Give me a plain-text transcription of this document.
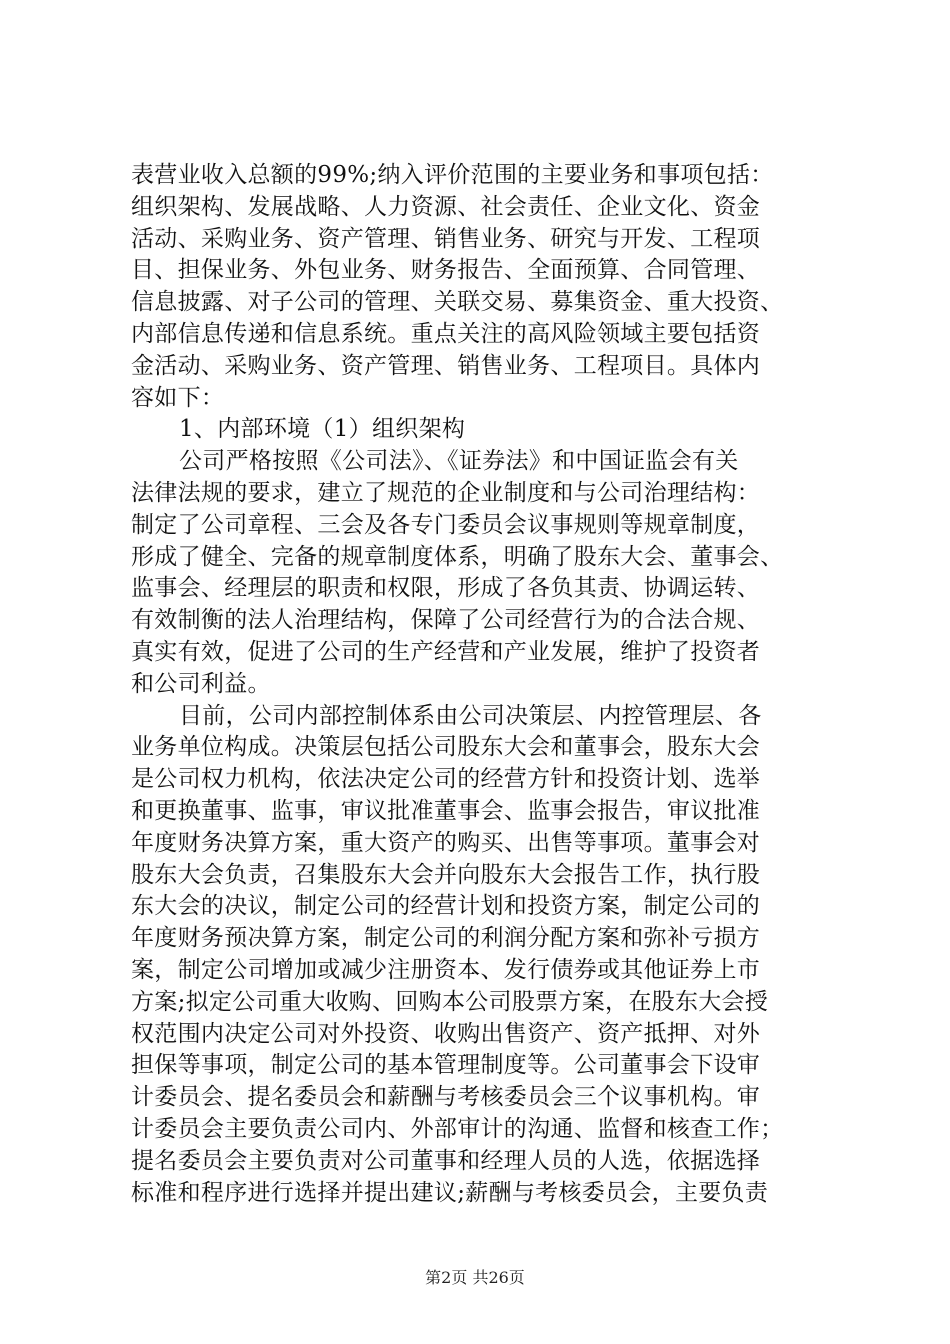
表营业收入总额的99%;纳入评价范围的主要业务和事项包括：
组织架构、发展战略、人力资源、社会责任、企业文化、资金
活动、采购业务、资产管理、销售业务、研究与开发、工程项
目、担保业务、外包业务、财务报告、全面预算、合同管理、
信息披露、对子公司的管理、关联交易、募集资金、重大投资、
内部信息传递和信息系统。重点关注的高风险领域主要包括资
金活动、采购业务、资产管理、销售业务、工程项目。具体内
容如下：
1、内部环境（1）组织架构
公司严格按照《公司法》、《证券法》和中国证监会有关
法律法规的要求，建立了规范的企业制度和与公司治理结构：
制定了公司章程、三会及各专门委员会议事规则等规章制度，
形成了健全、完备的规章制度体系，明确了股东大会、董事会、
监事会、经理层的职责和权限，形成了各负其责、协调运转、
有效制衡的法人治理结构，保障了公司经营行为的合法合规、
真实有效，促进了公司的生产经营和产业发展，维护了投资者
和公司利益。
目前，公司内部控制体系由公司决策层、内控管理层、各
业务单位构成。决策层包括公司股东大会和董事会，股东大会
是公司权力机构，依法决定公司的经营方针和投资计划、选举
和更换董事、监事，审议批准董事会、监事会报告，审议批准
年度财务决算方案，重大资产的购买、出售等事项。董事会对
股东大会负责，召集股东大会并向股东大会报告工作，执行股
东大会的决议，制定公司的经营计划和投资方案，制定公司的
年度财务预决算方案，制定公司的利润分配方案和弥补亏损方
案，制定公司增加或减少注册资本、发行债券或其他证券上市
方案;拟定公司重大收购、回购本公司股票方案，在股东大会授
权范围内决定公司对外投资、收购出售资产、资产抵押、对外
担保等事项，制定公司的基本管理制度等。公司董事会下设审
计委员会、提名委员会和薪酬与考核委员会三个议事机构。审
计委员会主要负责公司内、外部审计的沟通、监督和核查工作；
提名委员会主要负责对公司董事和经理人员的人选，依据选择
标准和程序进行选择并提出建议;薪酬与考核委员会，主要负责
第2页 共26页
